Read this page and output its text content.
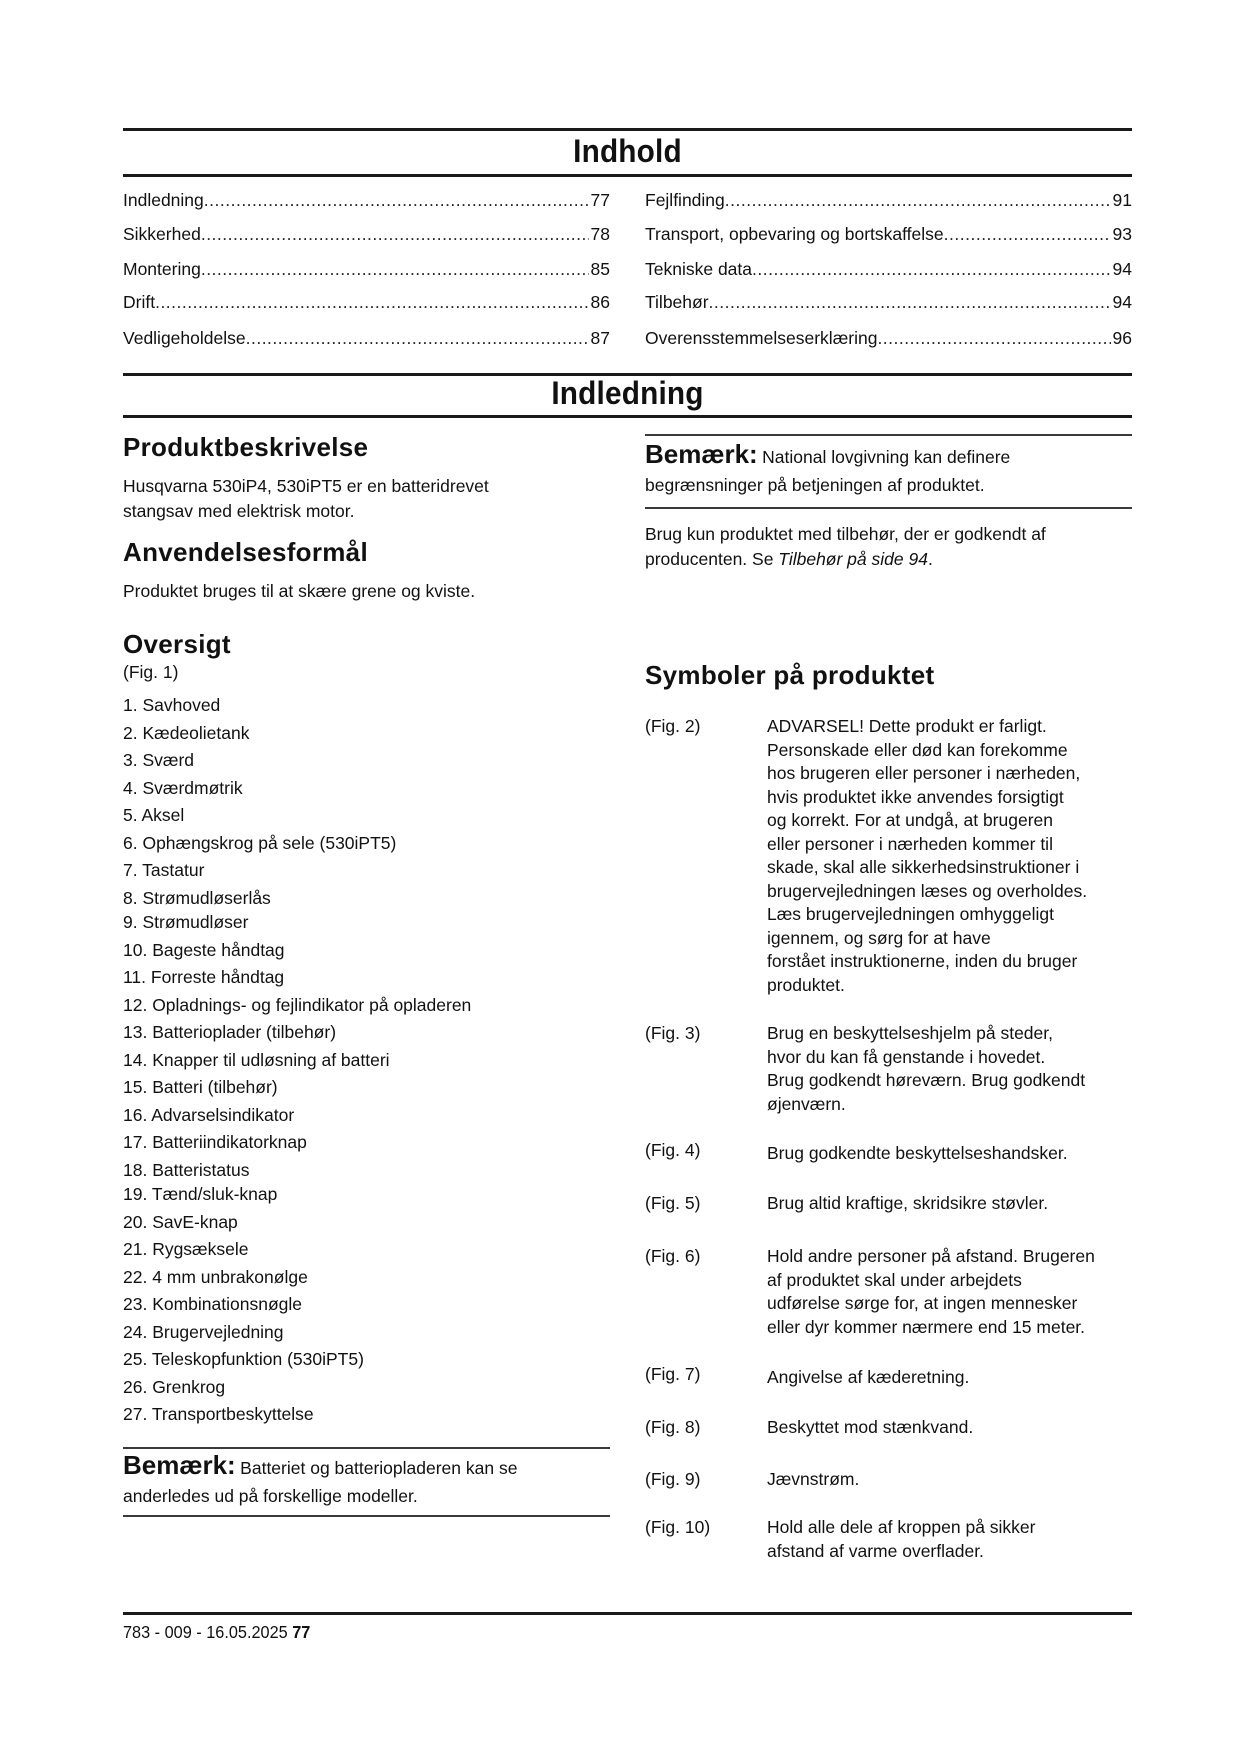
Indhold
Indledning .....	77
Sikkerhed .....	78
Montering .....	85
Drift .....	86
Vedligeholdelse .....	87
Fejlfinding .....	91
Transport, opbevaring og bortskaffelse .....	93
Tekniske data .....	94
Tilbehør .....	94
Overensstemmelseserklæring .....	96
Indledning
Produktbeskrivelse

Husqvarna 530iP4, 530iPT5 er en batteridrevet stangsav med elektrisk motor.

Anvendelsesformål

Produktet bruges til at skære grene og kviste.

Oversigt

(Fig. 1)

1. Savhoved
2. Kædeolietank
3. Sværd
4. Sværdmøtrik
5. Aksel
6. Ophængskrog på sele (530iPT5)
7. Tastatur
8. Strømudløserlås
9. Strømudløser
10. Bageste håndtag
11. Forreste håndtag
12. Opladnings- og fejlindikator på opladeren
13. Batterioplader (tilbehør)
14. Knapper til udløsning af batteri
15. Batteri (tilbehør)
16. Advarselsindikator
17. Batteriindikatorknap
18. Batteristatus
19. Tænd/sluk-knap
20. SavE-knap
21. Rygsæksele
22. 4 mm unbrakonølge
23. Kombinationsnøgle
24. Brugervejledning
25. Teleskopfunktion (530iPT5)
26. Grenkrog
27. Transportbeskyttelse
Bemærk: Batteriet og batteriopladeren kan se
anderledes ud på forskellige modeller.
Bemærk: National lovgivning kan definere
begrænsninger på betjeningen af produktet.
Brug kun produktet med tilbehør, der er godkendt af
producenten. Se Tilbehør på side 94.
Symboler på produktet
(Fig. 2)	ADVARSEL! Dette produkt er farligt.
Personskade eller død kan forekomme
hos brugeren eller personer i nærheden,
hvis produktet ikke anvendes forsigtigt
og korrekt. For at undgå, at brugeren
eller personer i nærheden kommer til
skade, skal alle sikkerhedsinstruktioner i
brugervejledningen læses og overholdes.
Læs brugervejledningen omhyggeligt
igennem, og sørg for at have
forstået instruktionerne, inden du bruger
produktet.
(Fig. 3)	Brug en beskyttelseshjelm på steder,
hvor du kan få genstande i hovedet.
Brug godkendt høreværn. Brug godkendt
øjenværn.
(Fig. 4)	Brug godkendte beskyttelseshandsker.
(Fig. 5)	Brug altid kraftige, skridsikre støvler.
(Fig. 6)	Hold andre personer på afstand. Brugeren
af produktet skal under arbejdets
udførelse sørge for, at ingen mennesker
eller dyr kommer nærmere end 15 meter.
(Fig. 7)	Angivelse af kæderetning.
(Fig. 8)	Beskyttet mod stænkvand.
(Fig. 9)	Jævnstrøm.
(Fig. 10)	Hold alle dele af kroppen på sikker
afstand af varme overflader.
783 - 009 - 16.05.2025 77
